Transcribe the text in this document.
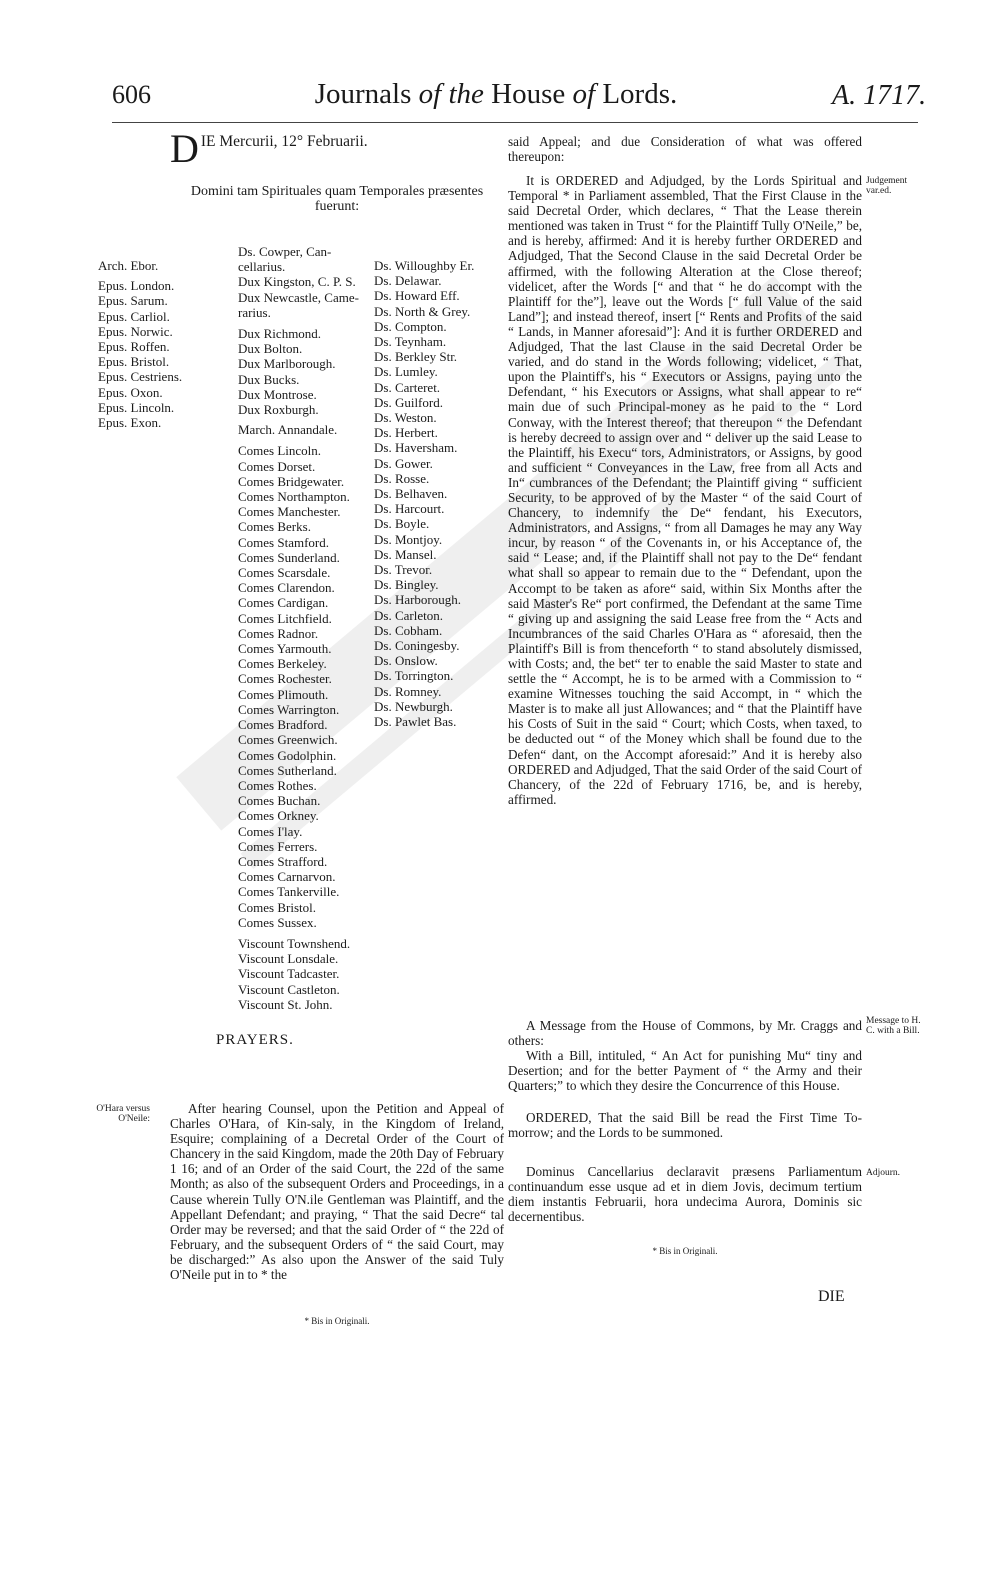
606	Journals of the House of Lords.	A. 1717.
D IE Mercurii, 12° Februarii.
Domini tam Spirituales quam Temporales præsentes fuerunt:
Arch. Ebor.
Epus. London.
Epus. Sarum.
Epus. Carliol.
Epus. Norwic.
Epus. Roffen.
Epus. Bristol.
Epus. Cestriens.
Epus. Oxon.
Epus. Lincoln.
Epus. Exon.
Ds. Cowper, Can-
cellarius.
Dux Kingston, C. P. S.
Dux Newcastle, Came-
rarius.
Dux Richmond.
Dux Bolton.
Dux Marlborough.
Dux Bucks.
Dux Montrose.
Dux Roxburgh.
March. Annandale.
Comes Lincoln.
Comes Dorset.
Comes Bridgewater.
Comes Northampton.
Comes Manchester.
Comes Berks.
Comes Stamford.
Comes Sunderland.
Comes Scarsdale.
Comes Clarendon.
Comes Cardigan.
Comes Litchfield.
Comes Radnor.
Comes Yarmouth.
Comes Berkeley.
Comes Rochester.
Comes Plimouth.
Comes Warrington.
Comes Bradford.
Comes Greenwich.
Comes Godolphin.
Comes Sutherland.
Comes Rothes.
Comes Buchan.
Comes Orkney.
Comes I'lay.
Comes Ferrers.
Comes Strafford.
Comes Carnarvon.
Comes Tankerville.
Comes Bristol.
Comes Sussex.
Viscount Townshend.
Viscount Lonsdale.
Viscount Tadcaster.
Viscount Castleton.
Viscount St. John.
Ds. Willoughby Er.
Ds. Delawar.
Ds. Howard Eff.
Ds. North & Grey.
Ds. Compton.
Ds. Teynham.
Ds. Berkley Str.
Ds. Lumley.
Ds. Carteret.
Ds. Guilford.
Ds. Weston.
Ds. Herbert.
Ds. Haversham.
Ds. Gower.
Ds. Rosse.
Ds. Belhaven.
Ds. Harcourt.
Ds. Boyle.
Ds. Montjoy.
Ds. Mansel.
Ds. Trevor.
Ds. Bingley.
Ds. Harborough.
Ds. Carleton.
Ds. Cobham.
Ds. Coningesby.
Ds. Onslow.
Ds. Torrington.
Ds. Romney.
Ds. Newburgh.
Ds. Pawlet Bas.
PRAYERS.
O'Hara versus O'Neile:
After hearing Counsel, upon the Petition and Appeal of Charles O'Hara, of Kin-saly, in the Kingdom of Ireland, Esquire; complaining of a Decretal Order of the Court of Chancery in the said Kingdom, made the 20th Day of February 1 16; and of an Order of the said Court, the 22d of the same Month; as also of the subsequent Orders and Proceedings, in a Cause wherein Tully O'N.ile Gentleman was Plaintiff, and the Appellant Defendant; and praying, “ That the said Decre“ tal Order may be reversed; and that the said Order of “ the 22d of February, and the subsequent Orders of “ the said Court, may be discharged:” As also upon the Answer of the said Tuly O'Neile put in to * the
* Bis in Originali.
said Appeal; and due Consideration of what was offered thereupon:
Judgement var.ed.
It is ORDERED and Adjudged, by the Lords Spiritual and Temporal * in Parliament assembled, That the First Clause in the said Decretal Order, which declares, “ That the Lease therein mentioned was taken in Trust “ for the Plaintiff Tully O'Neile,” be, and is hereby, affirmed: And it is hereby further ORDERED and Adjudged, That the Second Clause in the said Decretal Order be affirmed, with the following Alteration at the Close thereof; videlicet, after the Words [“ and that “ he do accompt with the Plaintiff for the”], leave out the Words [“ full Value of the said Land”]; and instead thereof, insert [“ Rents and Profits of the said “ Lands, in Manner aforesaid”]: And it is further ORDERED and Adjudged, That the last Clause in the said Decretal Order be varied, and do stand in the Words following; videlicet, “ That, upon the Plaintiff's, his “ Executors or Assigns, paying unto the Defendant, “ his Executors or Assigns, what shall appear to re“ main due of such Principal-money as he paid to the “ Lord Conway, with the Interest thereof; that thereupon “ the Defendant is hereby decreed to assign over and “ deliver up the said Lease to the Plaintiff, his Execu“ tors, Administrators, or Assigns, by good and sufficient “ Conveyances in the Law, free from all Acts and In“ cumbrances of the Defendant; the Plaintiff giving “ sufficient Security, to be approved of by the Master “ of the said Court of Chancery, to indemnify the De“ fendant, his Executors, Administrators, and Assigns, “ from all Damages he may any Way incur, by reason “ of the Covenants in, or his Acceptance of, the said “ Lease; and, if the Plaintiff shall not pay to the De“ fendant what shall so appear to remain due to the “ Defendant, upon the Accompt to be taken as afore“ said, within Six Months after the said Master's Re“ port confirmed, the Defendant at the same Time “ giving up and assigning the said Lease free from the “ Acts and Incumbrances of the said Charles O'Hara as “ aforesaid, then the Plaintiff's Bill is from thenceforth “ to stand absolutely dismissed, with Costs; and, the bet“ ter to enable the said Master to state and settle the “ Accompt, he is to be armed with a Commission to “ examine Witnesses touching the said Accompt, in “ which the Master is to make all just Allowances; and “ that the Plaintiff have his Costs of Suit in the said “ Court; which Costs, when taxed, to be deducted out “ of the Money which shall be found due to the Defen“ dant, on the Accompt aforesaid:” And it is hereby also ORDERED and Adjudged, That the said Order of the said Court of Chancery, of the 22d of February 1716, be, and is hereby, affirmed.
Message to H. C. with a Bill.
A Message from the House of Commons, by Mr. Craggs and others:
With a Bill, intituled, “ An Act for punishing Mu“ tiny and Desertion; and for the better Payment of “ the Army and their Quarters;” to which they desire the Concurrence of this House.
ORDERED, That the said Bill be read the First Time To-morrow; and the Lords to be summoned.
Adjourn.
Dominus Cancellarius declaravit præsens Parliamentum continuandum esse usque ad et in diem Jovis, decimum tertium diem instantis Februarii, hora undecima Aurora, Dominis sic decernentibus.
* Bis in Originali.
DIE
